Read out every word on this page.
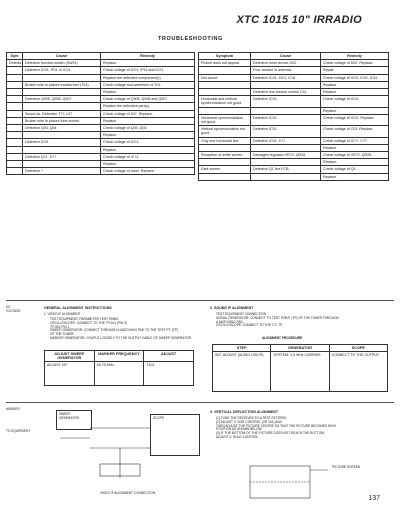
XTC 1015 10" IRRADIO
TROUBLESHOOTING
Sym	Cause	Remedy
Defects	Defective function switch (SW01)	Replace.
	Defective IC01, IP11 or IC21	Check voltage of IC01, IP11 and IC21.
		Replace the defective component(s).
	Broken wire in picture transformer (T01)	Check voltage and waveform of T01.
		Replace.
	Defective Q905, Q908, Q907	Check voltage of Q905, Q908 and Q907.
		Replace the defective part(s).
	Sound ok. Defective T??, L07	Check voltage of 907. Replace.
	Broken wire in picture tube socket	Replace.
	Defective Q03, Q04	Check voltage of Q03, Q04.
		Replace.
	Defective IC01	Check voltage of IC01.
		Replace.
	Defective Q?1, S??	Check voltage of IC?1.
		Replace.
	Defective ?	Check voltage of tuner. Replace.
Symptom	Cause	Remedy
Picture does not appear.	Defective tuner device D02.	Check voltage of D02. Replace.
	Poor contact in antenna.	Repair.
Not sound	Defective IC01, IC01, IC41.	Check voltage of IC01, IC01, IC41.
		Replace.
	Defective line volume control C31.	Replace.
Horizontal and vertical synchronization not good.	Defective IC01.	Check voltage of IC01.
		Replace.
Horizontal synchronization not good.	Defective IC01.	Check voltage of IC01. Replace.
Vertical synchronization not good.	Defective IC01.	Check voltage of C01. Replace.
Only one horizontal line	Defective IC01, C??.	Check voltage of IC??, C??.
		Replace.
Reception of white screen	Damaged regulator VR?2, QR28.	Check voltage of VR?2, QR28.
		Replace.
Dark screen	Defective Q1 line FCB.	Check voltage of Q1.
		Replace.
DC VOLTAGE
GENERAL ALIGNMENT INSTRUCTIONS
1. VIDEO IF ALIGNMENT
TEST EQUIPMENT: PARAMETER TEST PANEL
OSCILLOSCOPE: CONNECT TO THE TP-401 (PIN 2)
TP-501 PIN 1
SWEEP GENERATOR: CONNECT THROUGH A MATCHING PAD TO THE TEST PT. (TP)
OF THE TUNER.
MARKER GENERATOR: COUPLE LOOSELY TO THE OUTPUT CABLE OF SWEEP GENERATOR.
2. SOUND IF ALIGNMENT
TEST EQUIPMENT CONNECTION
SIGNAL GENERATOR: CONNECT TO TEST POINT (TP) OF THE TUNER THROUGH
A MATCHING PAD.
OSCILLOSCOPE: CONNECT TO THE T.O. TP.
ADJUST SWEEP GENERATOR	MARKER FREQUENCY	ADJUST
ADJUST VIF	45.75 MHz	T101
ALIGNMENT PROCEDURE
STEP	GENERATOR	SCOPE
SET ADJUST (AUDIO DISCR)	SYSTEM: 4.5 MHz CARRIER	CONNECT TO THE OUTPUT
MARKER
TO EQUIPMENT
SWEEP GENERATOR	SCOPE
VIDEO IF ALIGNMENT CONNECTION
3. VERTICAL DEFLECTION ALIGNMENT
(1) TUNE THE RECEIVER TO A TEST PATTERN.
(2) ADJUST V. SIZE CONTROL (VR 101) AND
THEN ADJUST THE PICTURE CENTRE SO THAT THE PICTURE BECOMES HIGH
POSITION AS SHOWN BELOW.
(3) IF THE BOTTOM OF THE PICTURE DOES NOT REACH THE BOTTOM,
ADJUST V. HOLD CONTROL.
PICTURE SCREEN
137
